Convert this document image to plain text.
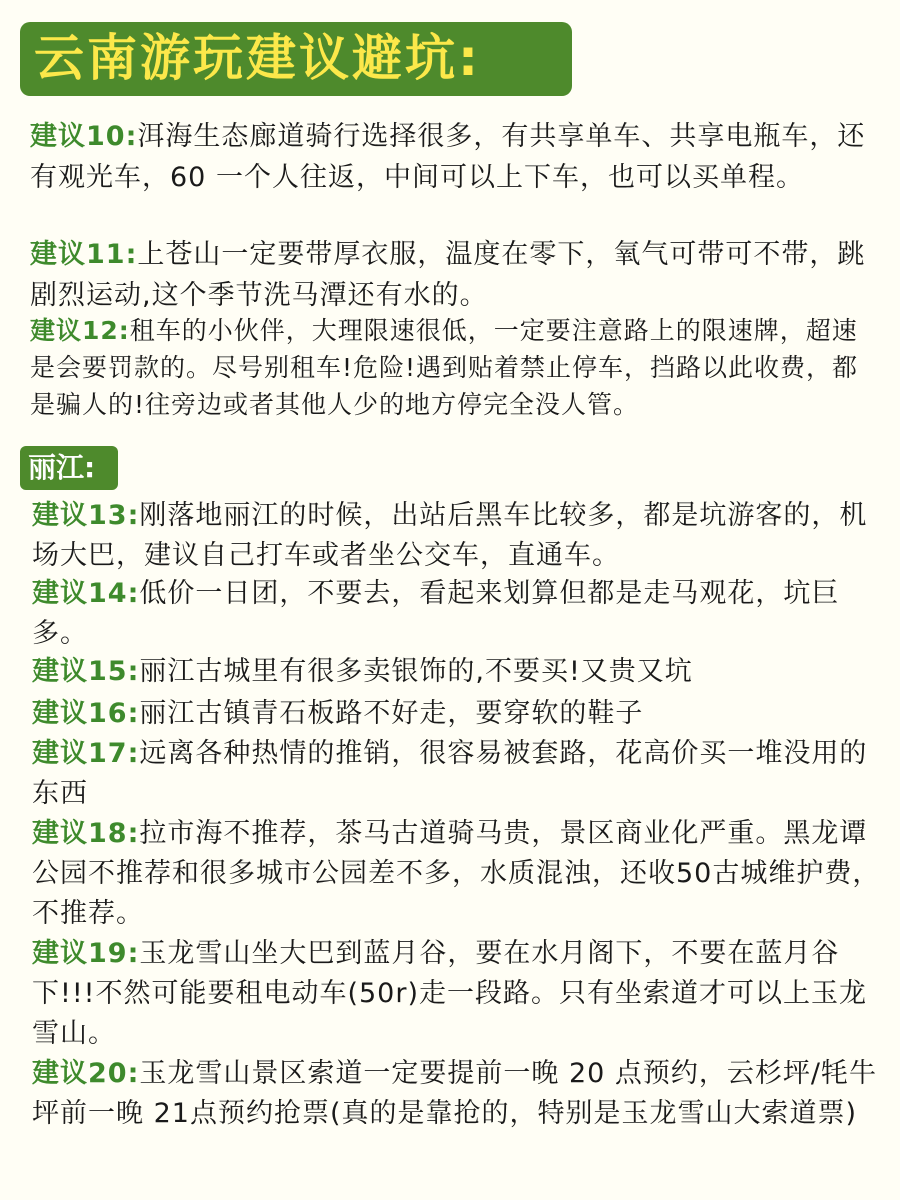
云南游玩建议避坑:
建议10:洱海生态廊道骑行选择很多，有共享单车、共享电瓶车，还有观光车，60 一个人往返，中间可以上下车，也可以买单程。
建议11:上苍山一定要带厚衣服，温度在零下，氧气可带可不带，跳剧烈运动,这个季节洗马潭还有水的。
建议12:租车的小伙伴，大理限速很低，一定要注意路上的限速牌，超速是会要罚款的。尽号别租车!危险!遇到贴着禁止停车，挡路以此收费，都是骗人的!往旁边或者其他人少的地方停完全没人管。
丽江:
建议13:刚落地丽江的时候，出站后黑车比较多，都是坑游客的，机场大巴，建议自己打车或者坐公交车，直通车。
建议14:低价一日团，不要去，看起来划算但都是走马观花，坑巨多。
建议15:丽江古城里有很多卖银饰的,不要买!又贵又坑
建议16:丽江古镇青石板路不好走，要穿软的鞋子
建议17:远离各种热情的推销，很容易被套路，花高价买一堆没用的东西
建议18:拉市海不推荐，茶马古道骑马贵，景区商业化严重。黑龙谭公园不推荐和很多城市公园差不多，水质混浊，还收50古城维护费，不推荐。
建议19:玉龙雪山坐大巴到蓝月谷，要在水月阁下，不要在蓝月谷下!!!不然可能要租电动车(50r)走一段路。只有坐索道才可以上玉龙雪山。
建议20:玉龙雪山景区索道一定要提前一晚 20 点预约，云杉坪/牦牛坪前一晚 21点预约抢票(真的是靠抢的，特别是玉龙雪山大索道票)
